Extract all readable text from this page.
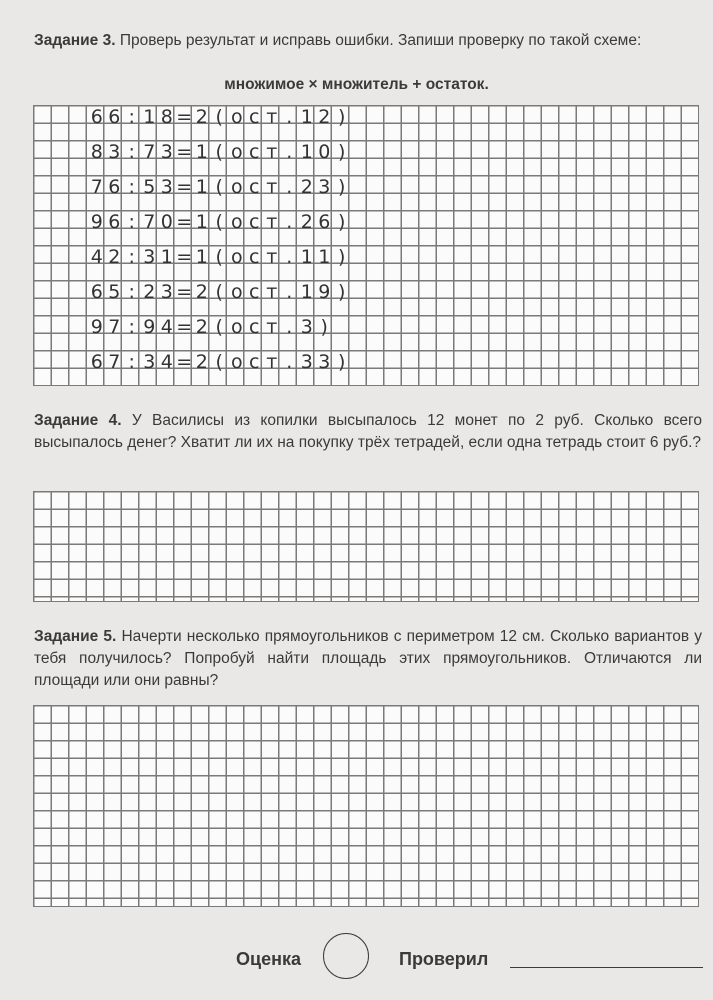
Задание 3. Проверь результат и исправь ошибки. Запиши проверку по такой схеме:
множимое × множитель + остаток.
6 6 : 1 8 = 2 ( о с т . 1 2 )
8 3 : 7 3 = 1 ( о с т . 1 0 )
7 6 : 5 3 = 1 ( о с т . 2 3 )
9 6 : 7 0 = 1 ( о с т . 2 6 )
4 2 : 3 1 = 1 ( о с т . 1 1 )
6 5 : 2 3 = 2 ( о с т . 1 9 )
9 7 : 9 4 = 2 ( о с т . 3 )
6 7 : 3 4 = 2 ( о с т . 3 3 )
Задание 4. У Василисы из копилки высыпалось 12 монет по 2 руб. Сколько всего высыпалось денег? Хватит ли их на покупку трёх тетрадей, если одна тетрадь стоит 6 руб.?
Задание 5. Начерти несколько прямоугольников с периметром 12 см. Сколько вариантов у тебя получилось? Попробуй найти площадь этих прямоугольников. Отличаются ли площади или они равны?
Оценка	Проверил
